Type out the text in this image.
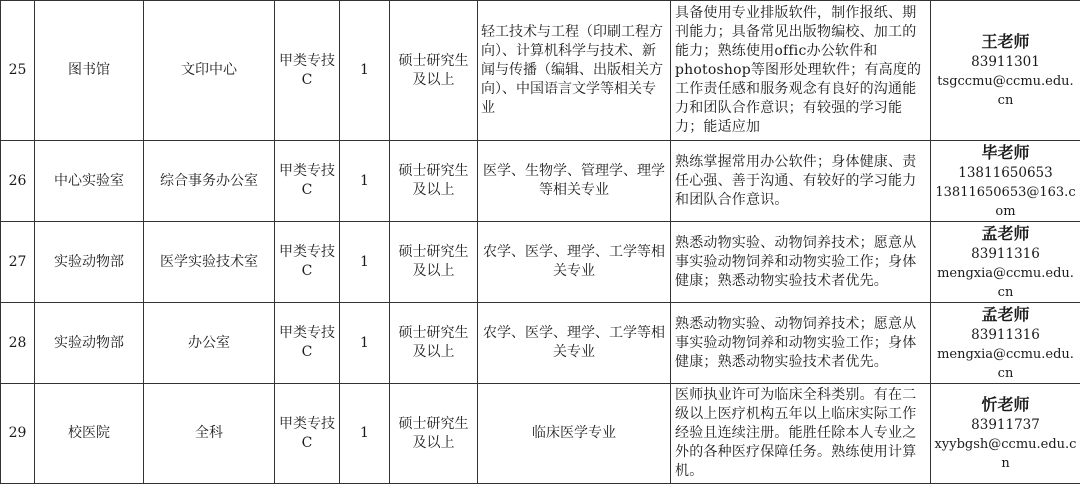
25	图书馆	文印中心	甲类专技C	1	硕士研究生及以上	轻工技术与工程（印刷工程方向）、计算机科学与技术、新闻与传播（编辑、出版相关方向）、中国语言文学等相关专业	具备使用专业排版软件，制作报纸、期刊能力；具备常见出版物编校、加工的能力；熟练使用offic办公软件和photoshop等图形处理软件；有高度的工作责任感和服务观念有良好的沟通能力和团队合作意识；有较强的学习能力；能适应加	王老师
83911301
tsgccmu@ccmu.edu.cn

26	中心实验室	综合事务办公室	甲类专技C	1	硕士研究生及以上	医学、生物学、管理学、理学等相关专业	熟练掌握常用办公软件；身体健康、责任心强、善于沟通、有较好的学习能力和团队合作意识。	毕老师
13811650653
13811650653@163.com

27	实验动物部	医学实验技术室	甲类专技C	1	硕士研究生及以上	农学、医学、理学、工学等相关专业	熟悉动物实验、动物饲养技术；愿意从事实验动物饲养和动物实验工作；身体健康；熟悉动物实验技术者优先。	孟老师
83911316
mengxia@ccmu.edu.cn

28	实验动物部	办公室	甲类专技C	1	硕士研究生及以上	农学、医学、理学、工学等相关专业	熟悉动物实验、动物饲养技术；愿意从事实验动物饲养和动物实验工作；身体健康；熟悉动物实验技术者优先。	孟老师
83911316
mengxia@ccmu.edu.cn

29	校医院	全科	甲类专技C	1	硕士研究生及以上	临床医学专业	医师执业许可为临床全科类别。有在二级以上医疗机构五年以上临床实际工作经验且连续注册。能胜任除本人专业之外的各种医疗保障任务。熟练使用计算机。	忻老师
83911737
xyybgsh@ccmu.edu.cn
